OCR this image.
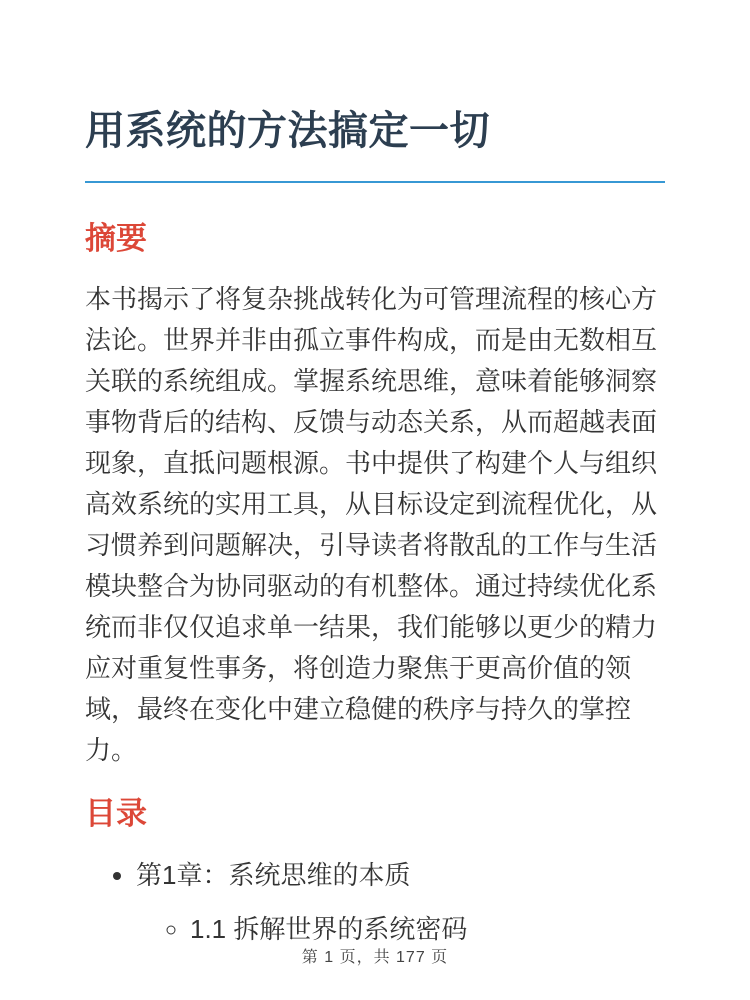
用系统的方法搞定一切
摘要

本书揭示了将复杂挑战转化为可管理流程的核心方法论。世界并非由孤立事件构成，而是由无数相互关联的系统组成。掌握系统思维，意味着能够洞察事物背后的结构、反馈与动态关系，从而超越表面现象，直抵问题根源。书中提供了构建个人与组织高效系统的实用工具，从目标设定到流程优化，从习惯养到问题解决，引导读者将散乱的工作与生活模块整合为协同驱动的有机整体。通过持续优化系统而非仅仅追求单一结果，我们能够以更少的精力应对重复性事务，将创造力聚焦于更高价值的领域，最终在变化中建立稳健的秩序与持久的掌控力。

目录
• 第1章：系统思维的本质
◦ 1.1 拆解世界的系统密码
第 1 页，共 177 页
